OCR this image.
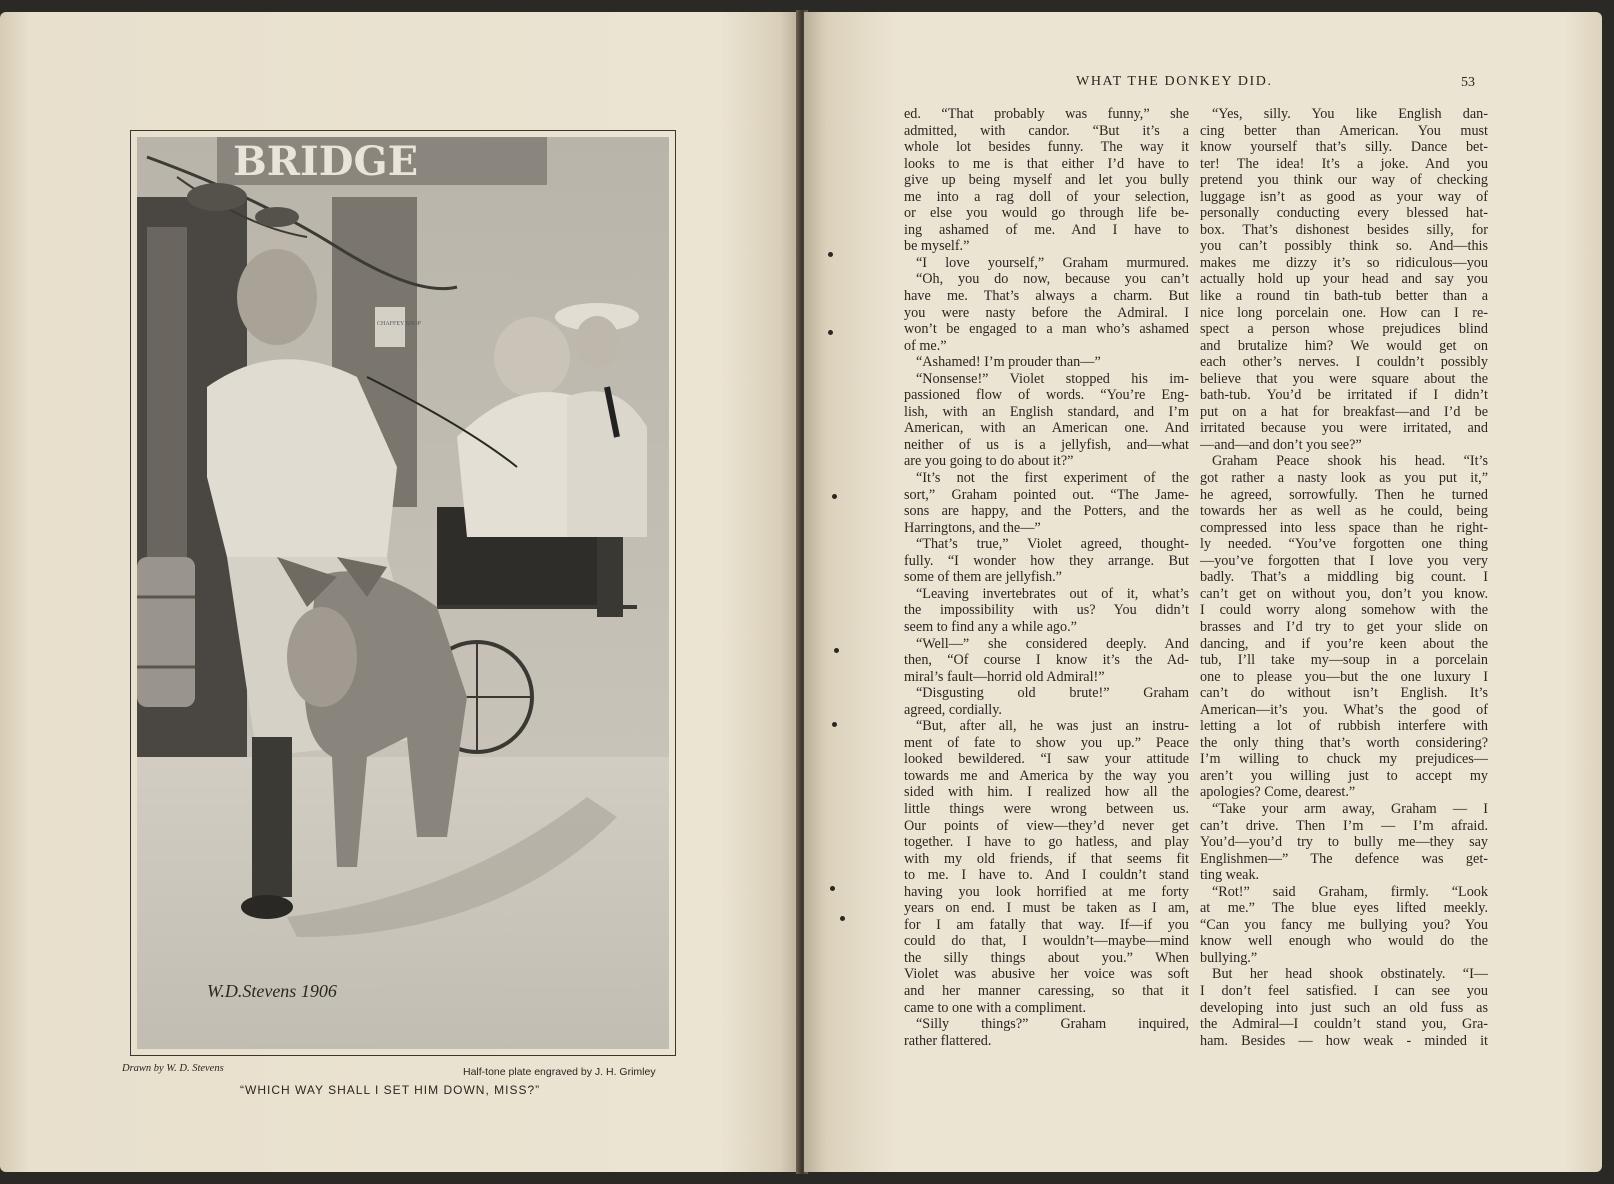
BRIDGE
CHAFFEY SHOP
W.D.Stevens 1906
Drawn by W. D. Stevens	Half-tone plate engraved by J. H. Grimley
“WHICH WAY SHALL I SET HIM DOWN, MISS?”
WHAT THE DONKEY DID.	53
ed. “That probably was funny,” she
admitted, with candor. “But it’s a
whole lot besides funny. The way it
looks to me is that either I’d have to
give up being myself and let you bully
me into a rag doll of your selection,
or else you would go through life be-
ing ashamed of me. And I have to
be myself.”
“I love yourself,” Graham murmured.
“Oh, you do now, because you can’t
have me. That’s always a charm. But
you were nasty before the Admiral. I
won’t be engaged to a man who’s ashamed
of me.”
“Ashamed! I’m prouder than—”
“Nonsense!” Violet stopped his im-
passioned flow of words. “You’re Eng-
lish, with an English standard, and I’m
American, with an American one. And
neither of us is a jellyfish, and—what
are you going to do about it?”
“It’s not the first experiment of the
sort,” Graham pointed out. “The Jame-
sons are happy, and the Potters, and the
Harringtons, and the—”
“That’s true,” Violet agreed, thought-
fully. “I wonder how they arrange. But
some of them are jellyfish.”
“Leaving invertebrates out of it, what’s
the impossibility with us? You didn’t
seem to find any a while ago.”
“Well—” she considered deeply. And
then, “Of course I know it’s the Ad-
miral’s fault—horrid old Admiral!”
“Disgusting old brute!” Graham
agreed, cordially.
“But, after all, he was just an instru-
ment of fate to show you up.” Peace
looked bewildered. “I saw your attitude
towards me and America by the way you
sided with him. I realized how all the
little things were wrong between us.
Our points of view—they’d never get
together. I have to go hatless, and play
with my old friends, if that seems fit
to me. I have to. And I couldn’t stand
having you look horrified at me forty
years on end. I must be taken as I am,
for I am fatally that way. If—if you
could do that, I wouldn’t—maybe—mind
the silly things about you.” When
Violet was abusive her voice was soft
and her manner caressing, so that it
came to one with a compliment.
“Silly things?” Graham inquired,
rather flattered.
“Yes, silly. You like English dan-
cing better than American. You must
know yourself that’s silly. Dance bet-
ter! The idea! It’s a joke. And you
pretend you think our way of checking
luggage isn’t as good as your way of
personally conducting every blessed hat-
box. That’s dishonest besides silly, for
you can’t possibly think so. And—this
makes me dizzy it’s so ridiculous—you
actually hold up your head and say you
like a round tin bath-tub better than a
nice long porcelain one. How can I re-
spect a person whose prejudices blind
and brutalize him? We would get on
each other’s nerves. I couldn’t possibly
believe that you were square about the
bath-tub. You’d be irritated if I didn’t
put on a hat for breakfast—and I’d be
irritated because you were irritated, and
—and—and don’t you see?”
Graham Peace shook his head. “It’s
got rather a nasty look as you put it,”
he agreed, sorrowfully. Then he turned
towards her as well as he could, being
compressed into less space than he right-
ly needed. “You’ve forgotten one thing
—you’ve forgotten that I love you very
badly. That’s a middling big count. I
can’t get on without you, don’t you know.
I could worry along somehow with the
brasses and I’d try to get your slide on
dancing, and if you’re keen about the
tub, I’ll take my—soup in a porcelain
one to please you—but the one luxury I
can’t do without isn’t English. It’s
American—it’s you. What’s the good of
letting a lot of rubbish interfere with
the only thing that’s worth considering?
I’m willing to chuck my prejudices—
aren’t you willing just to accept my
apologies? Come, dearest.”
“Take your arm away, Graham — I
can’t drive. Then I’m — I’m afraid.
You’d—you’d try to bully me—they say
Englishmen—” The defence was get-
ting weak.
“Rot!” said Graham, firmly. “Look
at me.” The blue eyes lifted meekly.
“Can you fancy me bullying you? You
know well enough who would do the
bullying.”
But her head shook obstinately. “I—
I don’t feel satisfied. I can see you
developing into just such an old fuss as
the Admiral—I couldn’t stand you, Gra-
ham. Besides — how weak - minded it
